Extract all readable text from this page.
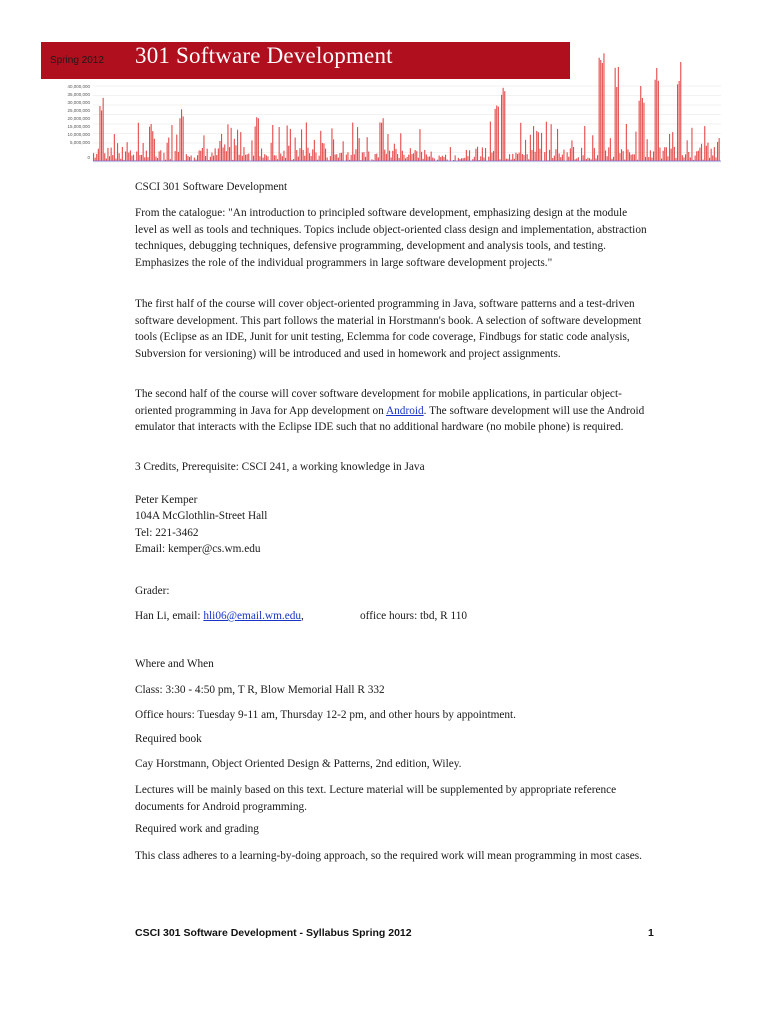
Spring 2012 301 Software Development
40,000,000
35,000,000
30,000,000
25,000,000
20,000,000
15,000,000
10,000,000
5,000,000
0
CSCI 301 Software Development

From the catalogue: "An introduction to principled software development, emphasizing design at the module level as well as tools and techniques. Topics include object-oriented class design and implementation, abstraction techniques, debugging techniques, defensive programming, development and analysis tools, and testing. Emphasizes the role of the individual programmers in large software development projects."

The first half of the course will cover object-oriented programming in Java, software patterns and a test-driven software development. This part follows the material in Horstmann's book. A selection of software development tools (Eclipse as an IDE, Junit for unit testing, Eclemma for code coverage, Findbugs for static code analysis, Subversion for versioning) will be introduced and used in homework and project assignments.

The second half of the course will cover software development for mobile applications, in particular object-oriented programming in Java for App development on Android. The software development will use the Android emulator that interacts with the Eclipse IDE such that no additional hardware (no mobile phone) is required.

3 Credits, Prerequisite: CSCI 241, a working knowledge in Java
Peter Kemper
104A McGlothlin-Street Hall
Tel: 221-3462
Email: kemper@cs.wm.edu
Grader:
Han Li, email: hli06@email.wm.edu,	office hours: tbd, R 110
Where and When
Class: 3:30 - 4:50 pm, T R, Blow Memorial Hall R 332
Office hours: Tuesday 9-11 am, Thursday 12-2 pm, and other hours by appointment.
Required book
Cay Horstmann, Object Oriented Design & Patterns, 2nd edition, Wiley.

Lectures will be mainly based on this text. Lecture material will be supplemented by appropriate reference documents for Android programming.

Required work and grading

This class adheres to a learning-by-doing approach, so the required work will mean programming in most cases.

CSCI 301 Software Development - Syllabus Spring 2012	1
